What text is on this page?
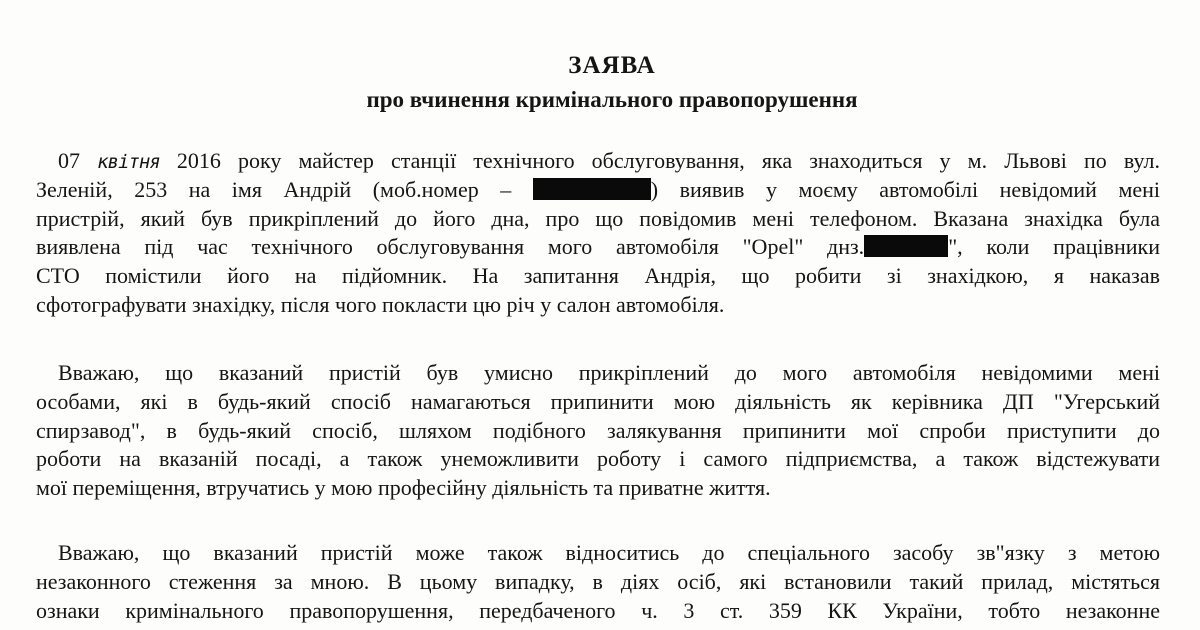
ЗАЯВА
про вчинення кримінального правопорушення
07 квітня 2016 року майстер станції технічного обслуговування, яка знаходиться у м. Львові по вул.
Зеленій, 253 на імя Андрій (моб.номер –	) виявив у моєму автомобілі невідомий мені
пристрій, який був прикріплений до його дна, про що повідомив мені телефоном. Вказана знахідка була
виявлена під час технічного обслуговування мого автомобіля "Opel" днз.	", коли працівники
СТО помістили його на підйомник. На запитання Андрія, що робити зі знахідкою, я наказав
сфотографувати знахідку, після чого покласти цю річ у салон автомобіля.
Вважаю, що вказаний пристій був умисно прикріплений до мого автомобіля невідомими мені
особами, які в будь-який спосіб намагаються припинити мою діяльність як керівника ДП "Угерський
спирзавод", в будь-який спосіб, шляхом подібного залякування припинити мої спроби приступити до
роботи на вказаній посаді, а також унеможливити роботу і самого підприємства, а також відстежувати
мої переміщення, втручатись у мою професійну діяльність та приватне життя.
Вважаю, що вказаний пристій може також відноситись до спеціального засобу зв"язку з метою
незаконного стеження за мною. В цьому випадку, в діях осіб, які встановили такий прилад, містяться
ознаки кримінального правопорушення, передбаченого ч. 3 ст. 359 КК України, тобто незаконне
